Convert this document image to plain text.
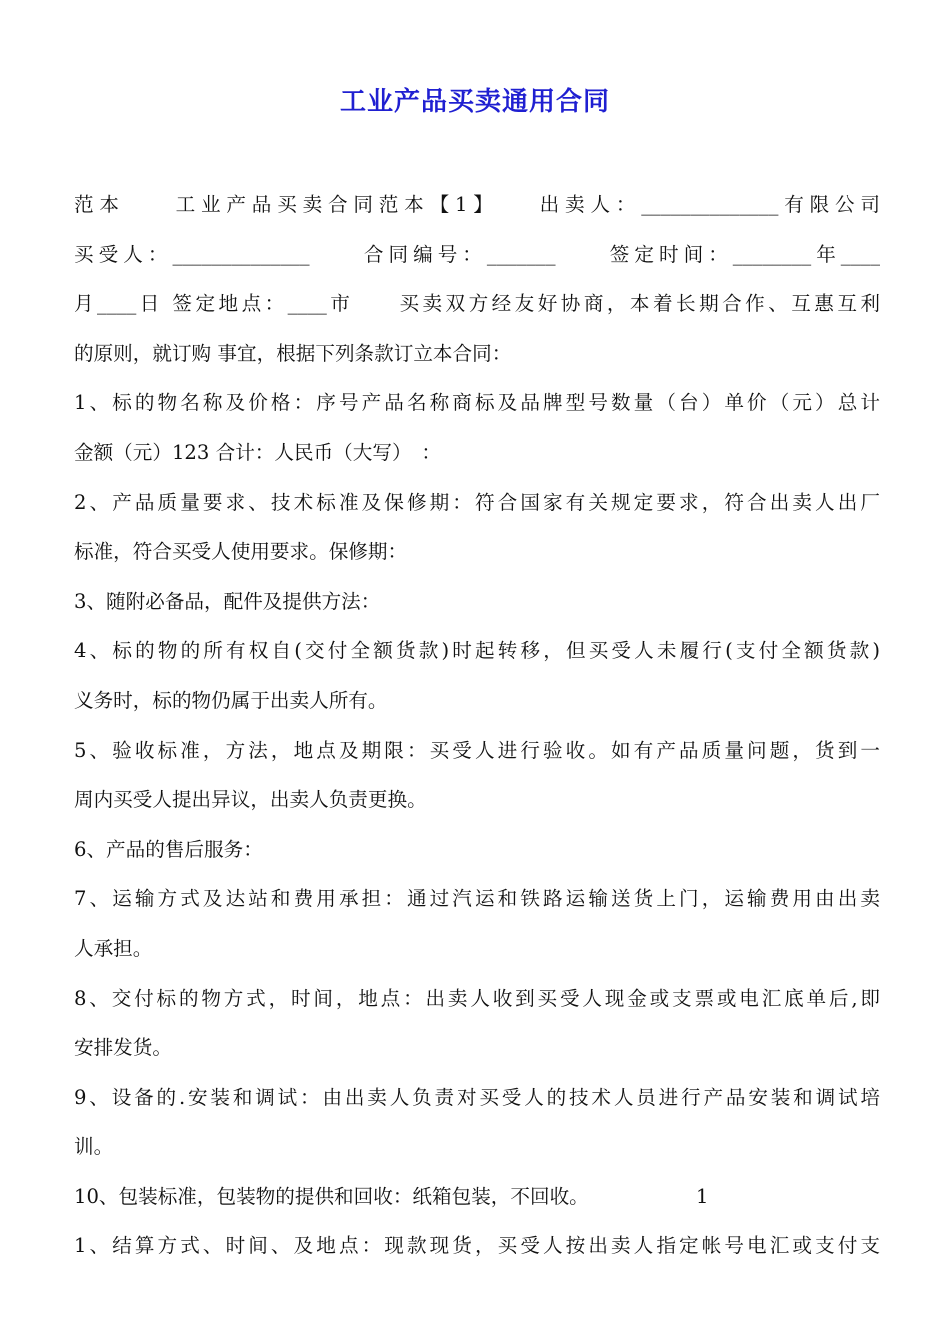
工业产品买卖通用合同
范本　　工业产品买卖合同范本【1】　　出卖人：______________有限公司
买受人：______________　　合同编号：_______　　签定时间：________年____
月____日 签定地点：____市　　买卖双方经友好协商，本着长期合作、互惠互利
的原则，就订购 事宜，根据下列条款订立本合同：
1、标的物名称及价格：序号产品名称商标及品牌型号数量（台）单价（元）总计
金额（元）123 合计：人民币（大写）　：
2、产品质量要求、技术标准及保修期：符合国家有关规定要求，符合出卖人出厂
标准，符合买受人使用要求。保修期：
3、随附必备品，配件及提供方法：
4、标的物的所有权自(交付全额货款)时起转移，但买受人未履行(支付全额货款)
义务时，标的物仍属于出卖人所有。
5、验收标准，方法，地点及期限：买受人进行验收。如有产品质量问题，货到一
周内买受人提出异议，出卖人负责更换。
6、产品的售后服务：
7、运输方式及达站和费用承担：通过汽运和铁路运输送货上门，运输费用由出卖
人承担。
8、交付标的物方式，时间，地点：出卖人收到买受人现金或支票或电汇底单后,即
安排发货。
9、设备的.安装和调试：由出卖人负责对买受人的技术人员进行产品安装和调试培
训。
10、包装标准，包装物的提供和回收：纸箱包装，不回收。
1、结算方式、时间、及地点：现款现货，买受人按出卖人指定帐号电汇或支付支
1
